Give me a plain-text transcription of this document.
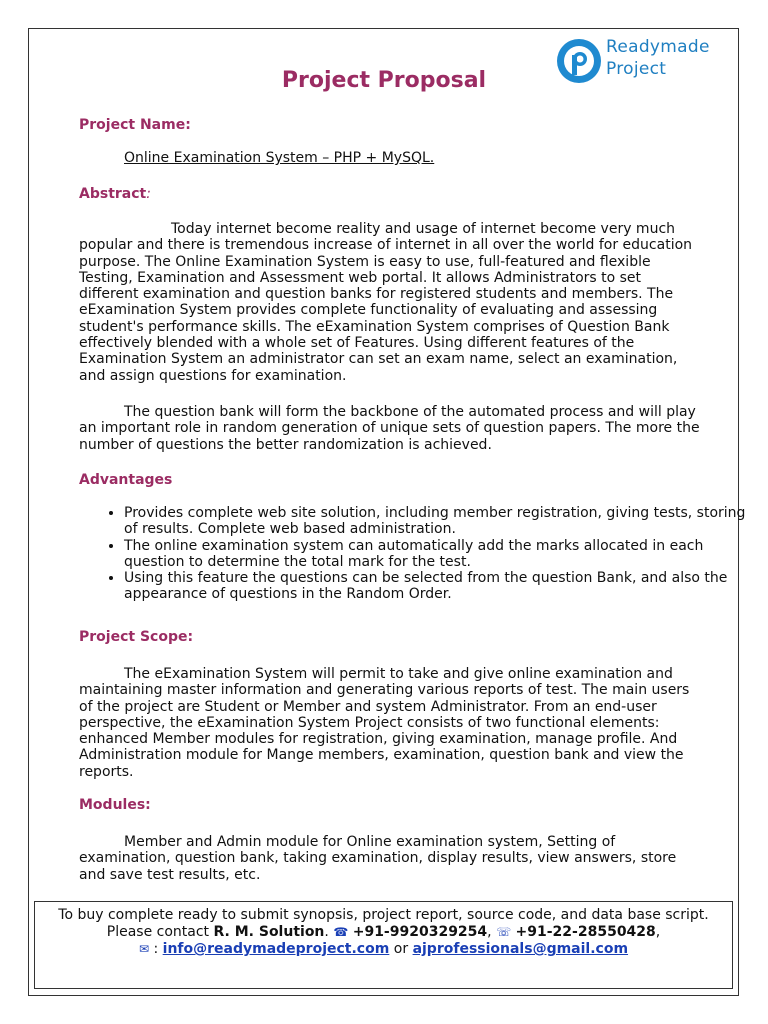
Readymade
Project
Project Proposal
Project Name:
Online Examination System – PHP + MySQL.
Abstract:

Today internet become reality and usage of internet become very much popular and there is tremendous increase of internet in all over the world for education purpose. The Online Examination System is easy to use, full-featured and flexible Testing, Examination and Assessment web portal. It allows Administrators to set different examination and question banks for registered students and members. The eExamination System provides complete functionality of evaluating and assessing student's performance skills. The eExamination System comprises of Question Bank effectively blended with a whole set of Features. Using different features of the Examination System an administrator can set an exam name, select an examination, and assign questions for examination.

The question bank will form the backbone of the automated process and will play an important role in random generation of unique sets of question papers. The more the number of questions the better randomization is achieved.

Advantages
• Provides complete web site solution, including member registration, giving tests, storing of results. Complete web based administration.
• The online examination system can automatically add the marks allocated in each question to determine the total mark for the test.
• Using this feature the questions can be selected from the question Bank, and also the appearance of questions in the Random Order.
Project Scope:

The eExamination System will permit to take and give online examination and maintaining master information and generating various reports of test. The main users of the project are Student or Member and system Administrator. From an end-user perspective, the eExamination System Project consists of two functional elements: enhanced Member modules for registration, giving examination, manage profile. And Administration module for Mange members, examination, question bank and view the reports.

Modules:

Member and Admin module for Online examination system, Setting of examination, question bank, taking examination, display results, view answers, store and save test results, etc.

To buy complete ready to submit synopsis, project report, source code, and data base script.
Please contact R. M. Solution. ☎ +91-9920329254, ☏ +91-22-28550428,
✉ : info@readymadeproject.com or ajprofessionals@gmail.com
